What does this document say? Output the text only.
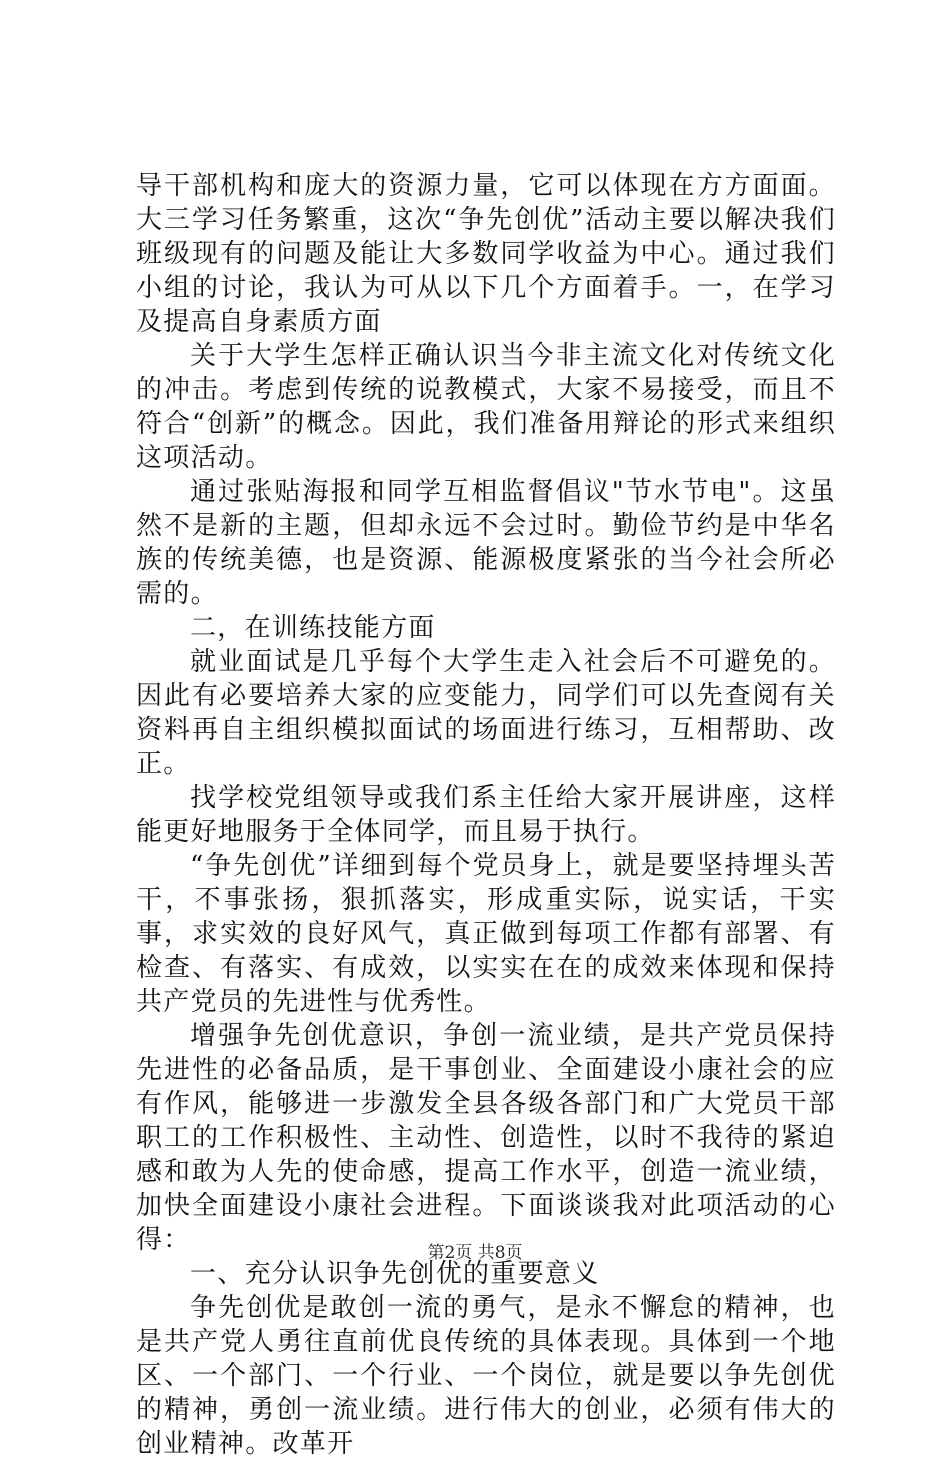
导干部机构和庞大的资源力量，它可以体现在方方面面。大三学习任务繁重，这次“争先创优”活动主要以解决我们班级现有的问题及能让大多数同学收益为中心。通过我们小组的讨论，我认为可从以下几个方面着手。一，在学习及提高自身素质方面

关于大学生怎样正确认识当今非主流文化对传统文化的冲击。考虑到传统的说教模式，大家不易接受，而且不符合“创新”的概念。因此，我们准备用辩论的形式来组织这项活动。

通过张贴海报和同学互相监督倡议"节水节电"。这虽然不是新的主题，但却永远不会过时。勤俭节约是中华名族的传统美德，也是资源、能源极度紧张的当今社会所必需的。

二，在训练技能方面

就业面试是几乎每个大学生走入社会后不可避免的。因此有必要培养大家的应变能力，同学们可以先查阅有关资料再自主组织模拟面试的场面进行练习，互相帮助、改正。

找学校党组领导或我们系主任给大家开展讲座，这样能更好地服务于全体同学，而且易于执行。

“争先创优”详细到每个党员身上，就是要坚持埋头苦干，不事张扬，狠抓落实，形成重实际，说实话，干实事，求实效的良好风气，真正做到每项工作都有部署、有检查、有落实、有成效，以实实在在的成效来体现和保持共产党员的先进性与优秀性。

增强争先创优意识，争创一流业绩，是共产党员保持先进性的必备品质，是干事创业、全面建设小康社会的应有作风，能够进一步激发全县各级各部门和广大党员干部职工的工作积极性、主动性、创造性，以时不我待的紧迫感和敢为人先的使命感，提高工作水平，创造一流业绩，加快全面建设小康社会进程。下面谈谈我对此项活动的心得：

一、充分认识争先创优的重要意义

争先创优是敢创一流的勇气，是永不懈怠的精神，也是共产党人勇往直前优良传统的具体表现。具体到一个地区、一个部门、一个行业、一个岗位，就是要以争先创优的精神，勇创一流业绩。进行伟大的创业，必须有伟大的创业精神。改革开

第2页 共8页
